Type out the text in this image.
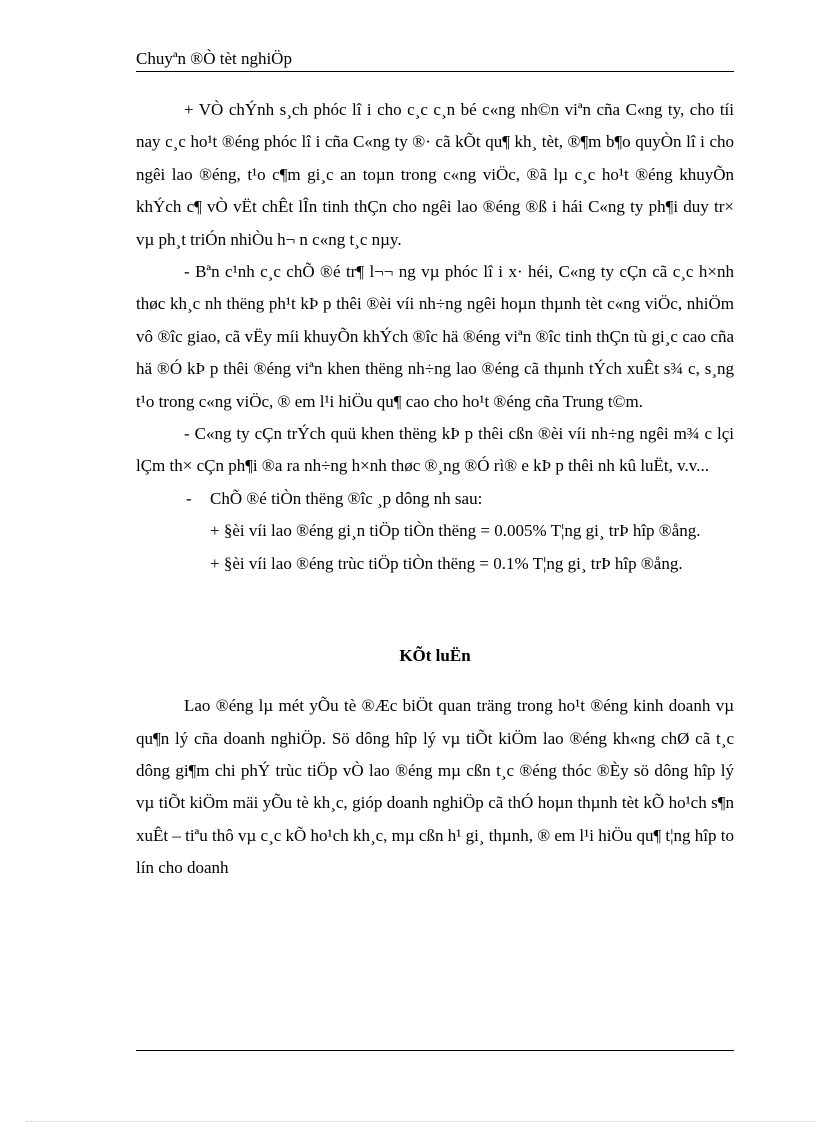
Chuyªn ®Ò tèt nghiÖp

+ VÒ chÝnh s¸ch phóc lî i cho c¸c c¸n bé c«ng nh©n viªn cña C«ng ty, cho tíi nay c¸c ho¹t ®éng phóc lî i cña C«ng ty ®· cã kÕt qu¶ kh¸ tèt, ®¶m b¶o quyÒn lî i cho ngêi lao ®éng, t¹o c¶m gi¸c an toµn trong c«ng viÖc, ®ã lµ c¸c ho¹t ®éng khuyÕn khÝch c¶ vÒ vËt chÊt lÎn tinh thÇn cho ngêi lao ®éng ®ß i hái C«ng ty ph¶i duy tr× vµ ph¸t triÓn nhiÒu h¬ n c«ng t¸c nµy.

- Bªn c¹nh c¸c chÕ ®é tr¶ l¬¬ ng vµ phóc lî i x· héi, C«ng ty cÇn cã c¸c h×nh thøc kh¸c nh thëng ph¹t kÞ p thêi ®èi víi nh÷ng ngêi hoµn thµnh tèt c«ng viÖc, nhiÖm vô ®îc giao, cã vËy míi khuyÕn khÝch ®îc hä ®éng viªn ®îc tinh thÇn tù gi¸c cao cña hä ®Ó kÞ p thêi ®éng viªn khen thëng nh÷ng lao ®éng cã thµnh tÝch xuÊt s¾ c, s¸ng t¹o trong c«ng viÖc, ® em l¹i hiÖu qu¶ cao cho ho¹t ®éng cña Trung t©m.

- C«ng ty cÇn trÝch quü khen thëng kÞ p thêi cßn ®èi víi nh÷ng ngêi m¾ c lçi lÇm th× cÇn ph¶i ®a ra nh÷ng h×nh thøc ®¸ng ®Ó rì® e kÞ p thêi nh kû luËt, v.v...

- ChÕ ®é tiÒn thëng ®îc ¸p dông nh sau:

+ §èi víi lao ®éng gi¸n tiÖp tiÒn thëng = 0.005% T¦ng gi¸ trÞ hîp ®ång.

+ §èi víi lao ®éng trùc tiÖp tiÒn thëng = 0.1% T¦ng gi¸ trÞ hîp ®ång.

KÕt luËn

Lao ®éng lµ mét yÕu tè ®Æc biÖt quan träng trong ho¹t ®éng kinh doanh vµ qu¶n lý cña doanh nghiÖp. Sö dông hîp lý vµ tiÕt kiÖm lao ®éng kh«ng chØ cã t¸c dông gi¶m chi phÝ trùc tiÖp vÒ lao ®éng mµ cßn t¸c ®éng thóc ®Èy sö dông hîp lý vµ tiÕt kiÖm mäi yÕu tè kh¸c, gióp doanh nghiÖp cã thÓ hoµn thµnh tèt kÕ ho¹ch s¶n xuÊt – tiªu thô vµ c¸c kÕ ho¹ch kh¸c, mµ cßn h¹ gi¸ thµnh, ® em l¹i hiÖu qu¶ t¦ng hîp to lín cho doanh
